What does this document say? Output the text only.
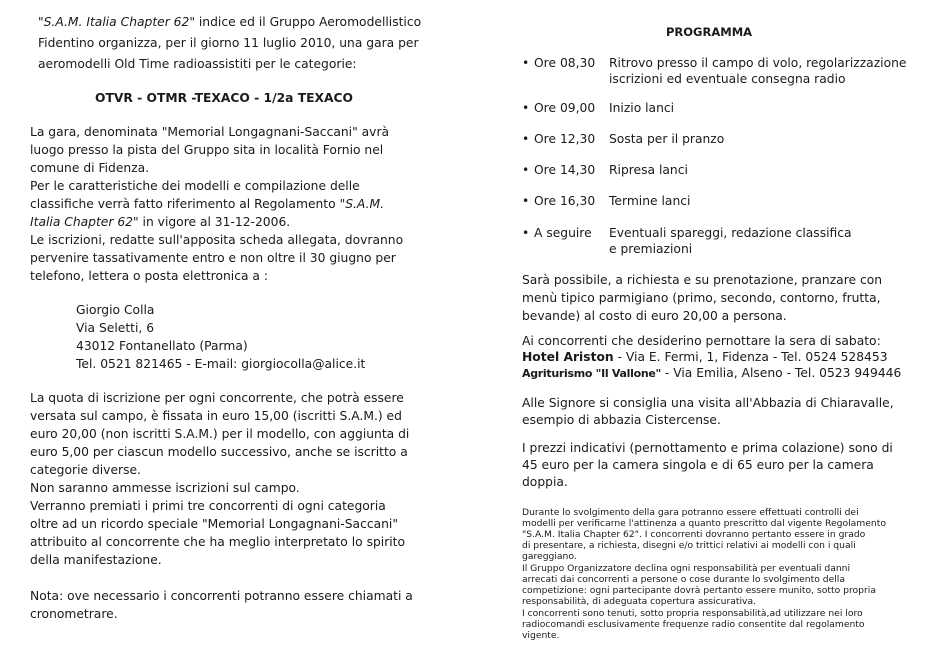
"S.A.M. Italia Chapter 62" indice ed il Gruppo Aeromodellistico
Fidentino organizza, per il giorno 11 luglio 2010, una gara per
aeromodelli Old Time radioassistiti per le categorie:
OTVR - OTMR -TEXACO - 1/2a TEXACO
La gara, denominata "Memorial Longagnani-Saccani" avrà
luogo presso la pista del Gruppo sita in località Fornio nel
comune di Fidenza.
Per le caratteristiche dei modelli e compilazione delle
classifiche verrà fatto riferimento al Regolamento "S.A.M.
Italia Chapter 62" in vigore al 31-12-2006.
Le iscrizioni, redatte sull'apposita scheda allegata, dovranno
pervenire tassativamente entro e non oltre il 30 giugno per
telefono, lettera o posta elettronica a :
Giorgio Colla
Via Seletti, 6
43012 Fontanellato (Parma)
Tel. 0521 821465 - E-mail: giorgiocolla@alice.it
La quota di iscrizione per ogni concorrente, che potrà essere
versata sul campo, è fissata in euro 15,00 (iscritti S.A.M.) ed
euro 20,00 (non iscritti S.A.M.) per il modello, con aggiunta di
euro 5,00 per ciascun modello successivo, anche se iscritto a
categorie diverse.
Non saranno ammesse iscrizioni sul campo.
Verranno premiati i primi tre concorrenti di ogni categoria
oltre ad un ricordo speciale "Memorial Longagnani-Saccani"
attribuito al concorrente che ha meglio interpretato lo spirito
della manifestazione.
Nota: ove necessario i concorrenti potranno essere chiamati a
cronometrare.
PROGRAMMA
• Ore 08,30 Ritrovo presso il campo di volo, regolarizzazione
iscrizioni ed eventuale consegna radio
• Ore 09,00 Inizio lanci
• Ore 12,30 Sosta per il pranzo
• Ore 14,30 Ripresa lanci
• Ore 16,30 Termine lanci
• A seguire Eventuali spareggi, redazione classifica
e premiazioni
Sarà possibile, a richiesta e su prenotazione, pranzare con
menù tipico parmigiano (primo, secondo, contorno, frutta,
bevande) al costo di euro 20,00 a persona.
Ai concorrenti che desiderino pernottare la sera di sabato:
Hotel Ariston - Via E. Fermi, 1, Fidenza - Tel. 0524 528453
Agriturismo "Il Vallone" - Via Emilia, Alseno - Tel. 0523 949446
Alle Signore si consiglia una visita all'Abbazia di Chiaravalle,
esempio di abbazia Cistercense.
I prezzi indicativi (pernottamento e prima colazione) sono di
45 euro per la camera singola e di 65 euro per la camera
doppia.
Durante lo svolgimento della gara potranno essere effettuati controlli dei
modelli per verificarne l'attinenza a quanto prescritto dal vigente Regolamento
"S.A.M. Italia Chapter 62". I concorrenti dovranno pertanto essere in grado
di presentare, a richiesta, disegni e/o trittici relativi ai modelli con i quali
gareggiano.
Il Gruppo Organizzatore declina ogni responsabilità per eventuali danni
arrecati dai concorrenti a persone o cose durante lo svolgimento della
competizione: ogni partecipante dovrà pertanto essere munito, sotto propria
responsabilità, di adeguata copertura assicurativa.
I concorrenti sono tenuti, sotto propria responsabilità,ad utilizzare nei loro
radiocomandi esclusivamente frequenze radio consentite dal regolamento
vigente.
